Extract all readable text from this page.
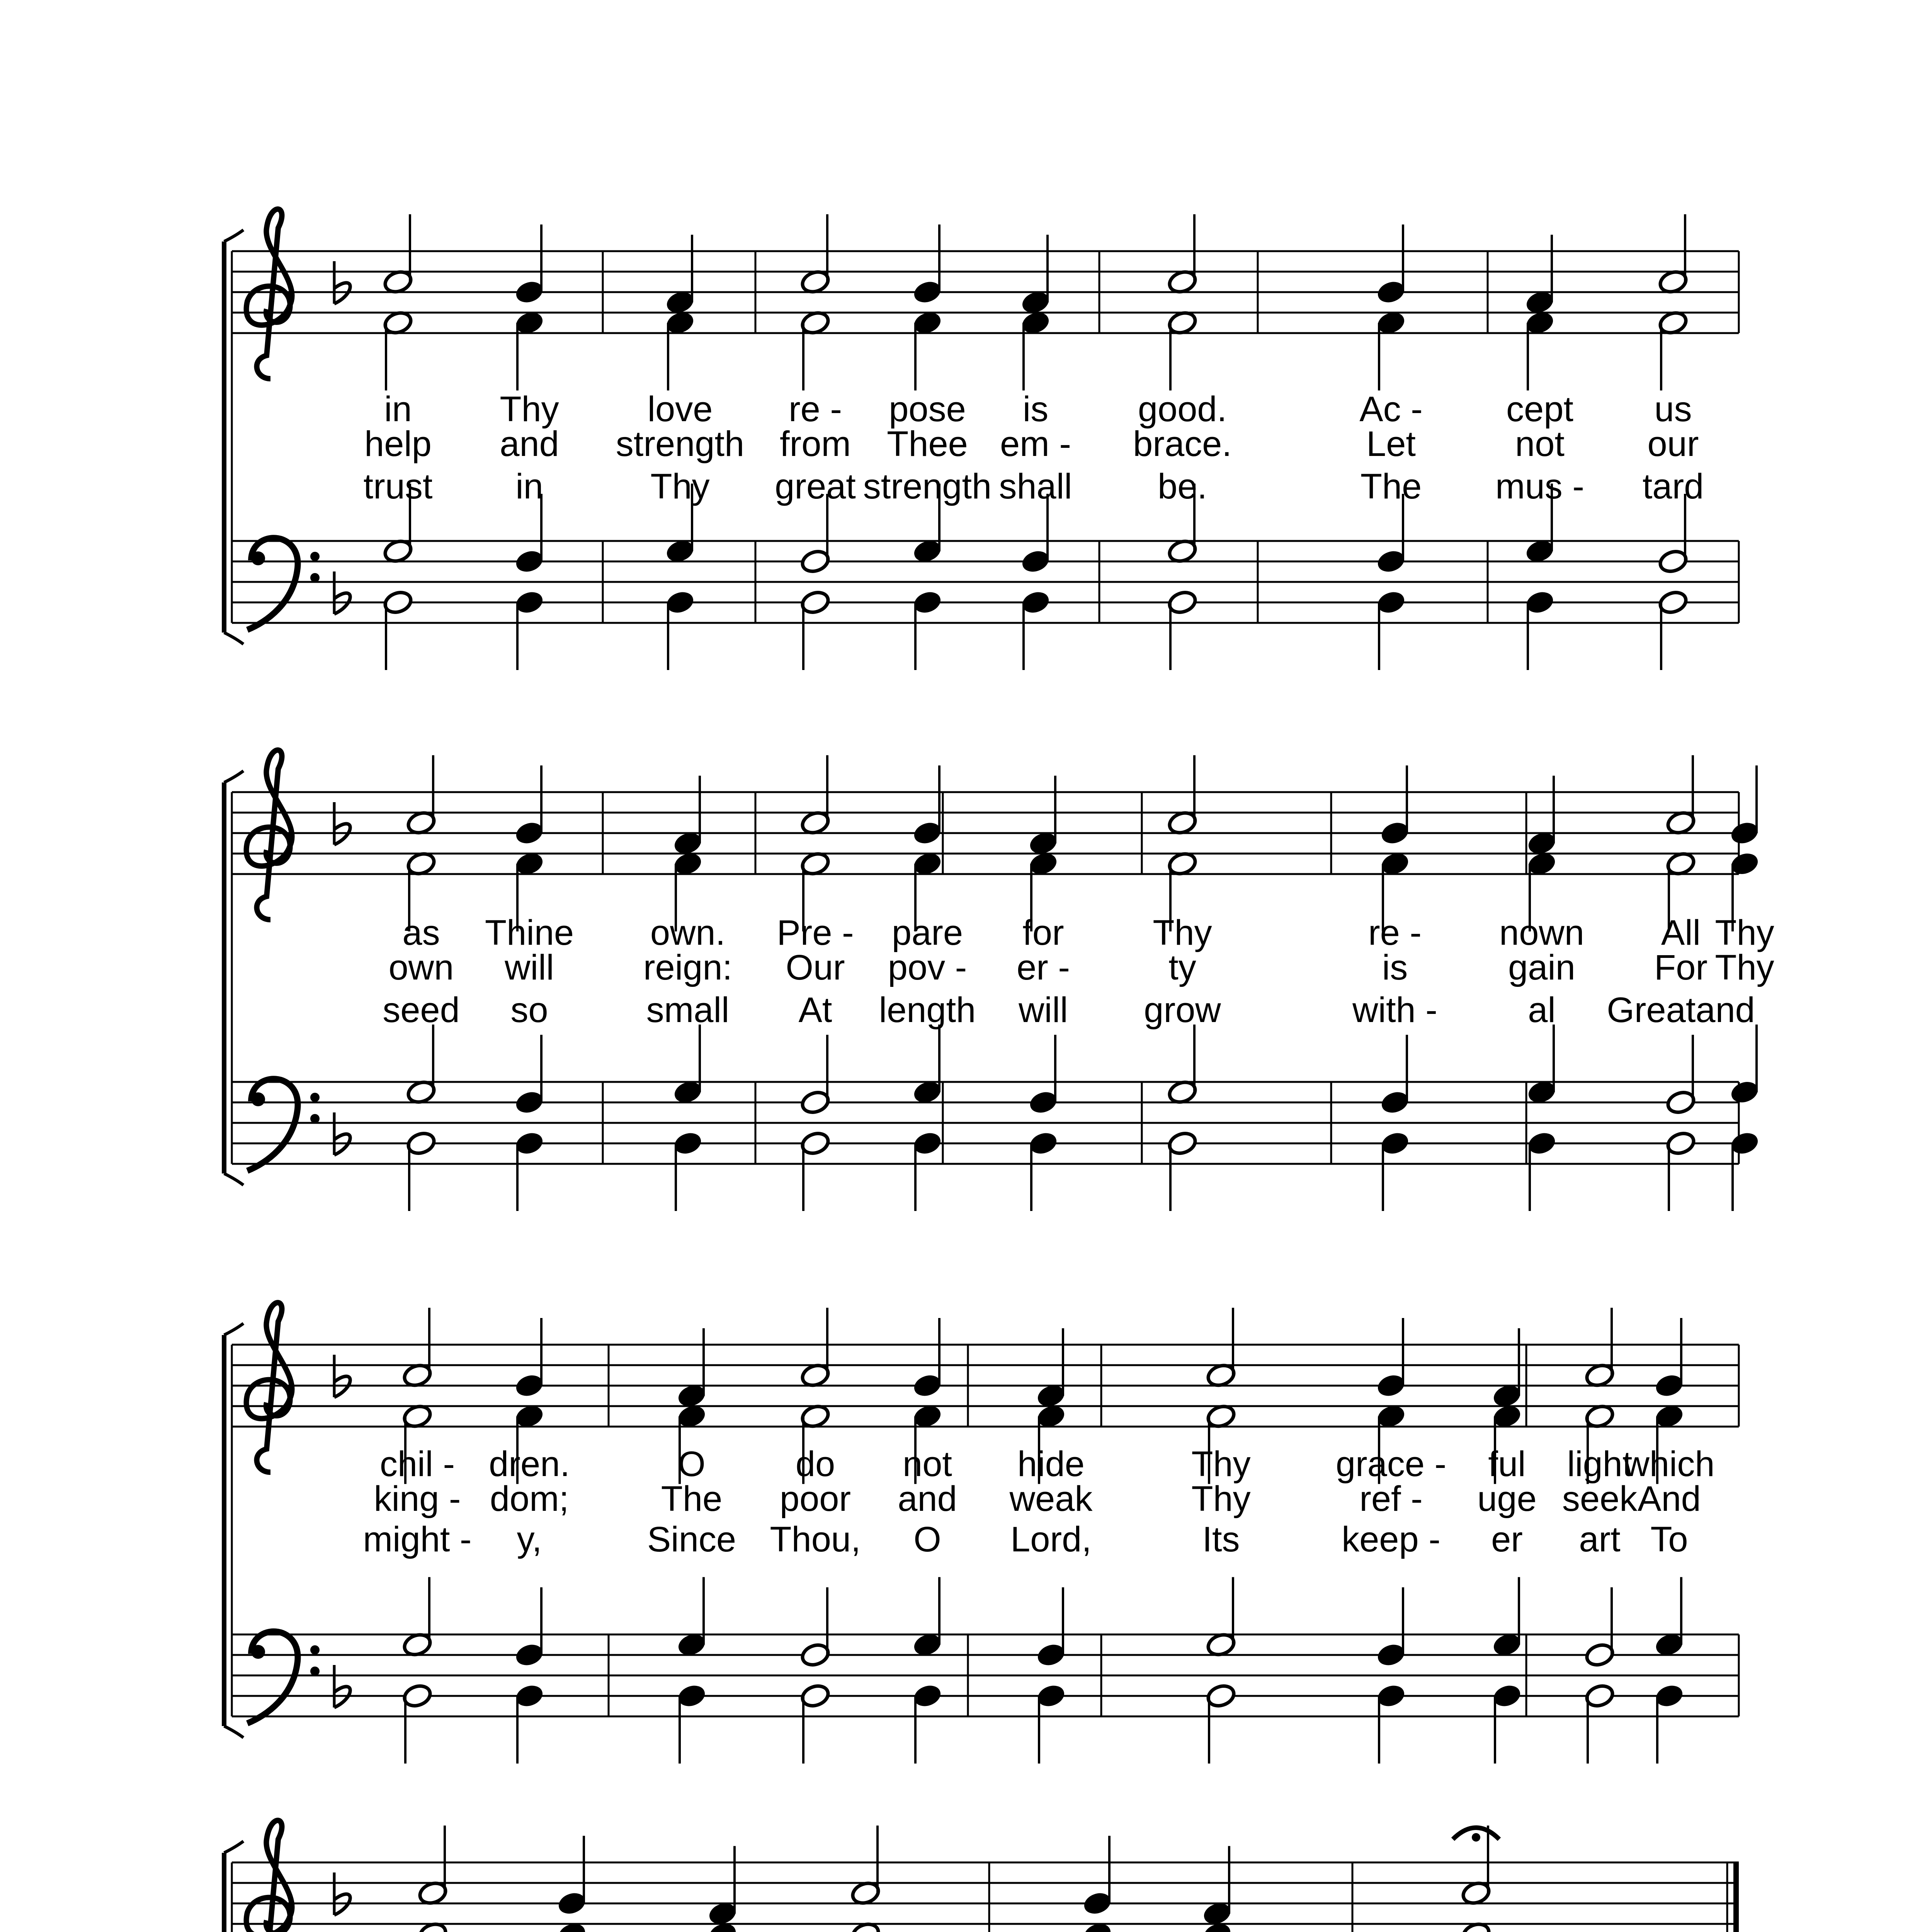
in Thy love re - pose is	good.	Ac - cept us
help and strength from Thee em - brace.	Let	not our
trust in	Thy great strength shall be.	The mus - tard
as Thine own. Pre - pare for Thy	re - nown All Thy
own will	reign: Our pov - er -	ty	is	gain For Thy
seed so	small At length will grow	with -	al Greatand
chil - dren.	O	do not hide	Thy grace - ful light
which
king - dom;	The poor and weak	Thy	ref - uge seek And
might - y,	Since Thou, O Lord,	Its	keep - er art To
